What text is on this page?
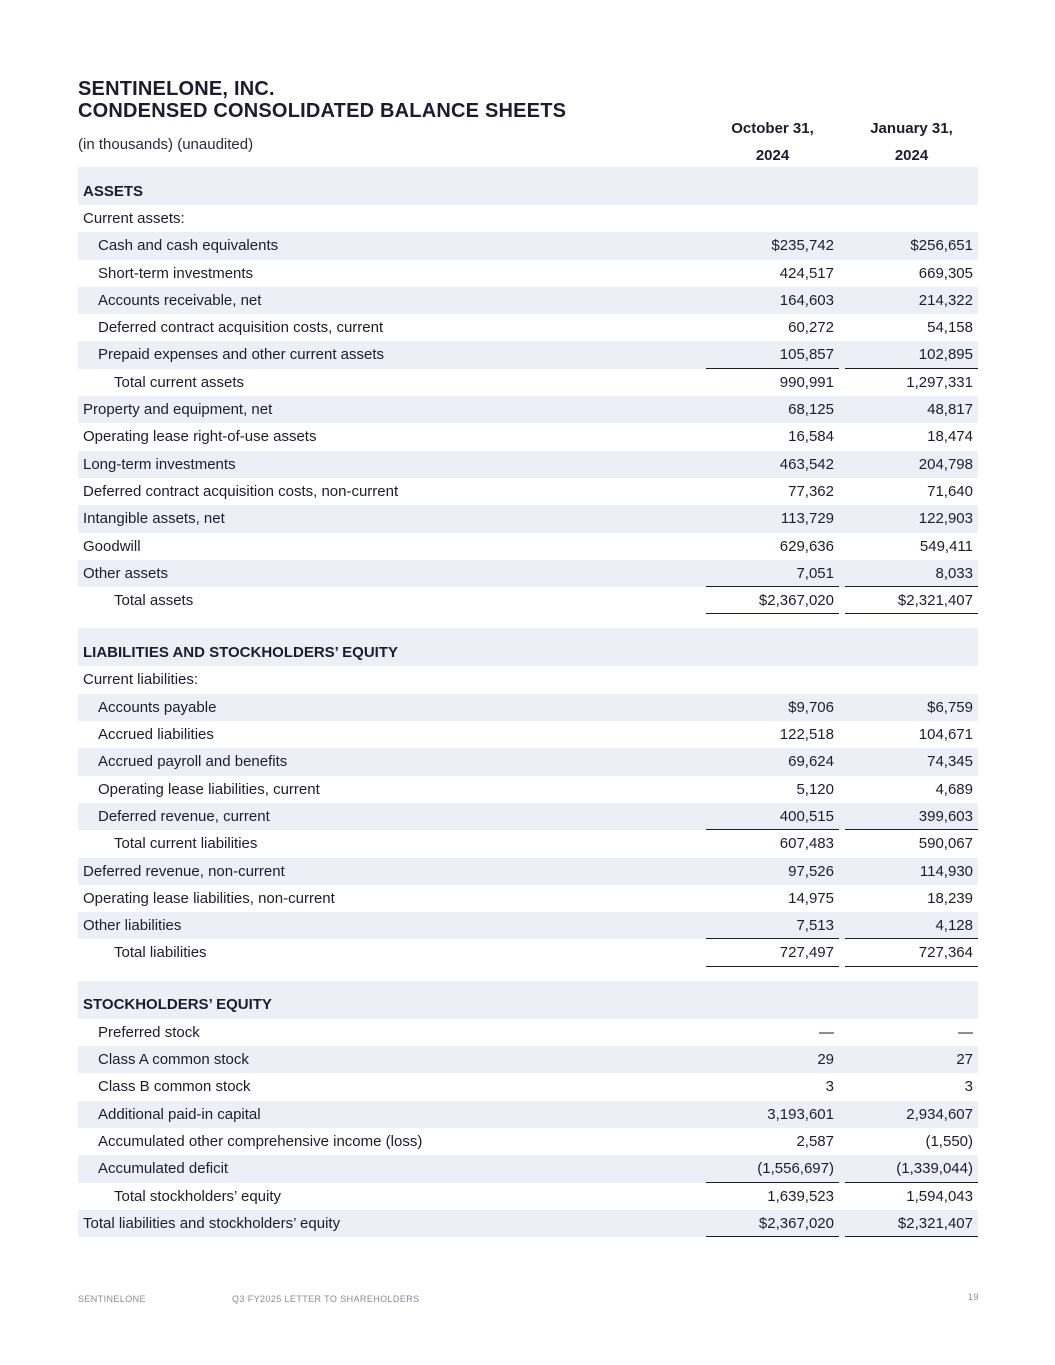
SENTINELONE, INC.
CONDENSED CONSOLIDATED BALANCE SHEETS
(in thousands) (unaudited)
October 31,
2024
January 31,
2024
ASSETS
Current assets:
Cash and cash equivalents	$235,742	$256,651
Short-term investments	424,517	669,305
Accounts receivable, net	164,603	214,322
Deferred contract acquisition costs, current	60,272	54,158
Prepaid expenses and other current assets	105,857	102,895
Total current assets	990,991	1,297,331
Property and equipment, net	68,125	48,817
Operating lease right-of-use assets	16,584	18,474
Long-term investments	463,542	204,798
Deferred contract acquisition costs, non-current	77,362	71,640
Intangible assets, net	113,729	122,903
Goodwill	629,636	549,411
Other assets	7,051	8,033
Total assets	$2,367,020	$2,321,407
LIABILITIES AND STOCKHOLDERS’ EQUITY
Current liabilities:
Accounts payable	$9,706	$6,759
Accrued liabilities	122,518	104,671
Accrued payroll and benefits	69,624	74,345
Operating lease liabilities, current	5,120	4,689
Deferred revenue, current	400,515	399,603
Total current liabilities	607,483	590,067
Deferred revenue, non-current	97,526	114,930
Operating lease liabilities, non-current	14,975	18,239
Other liabilities	7,513	4,128
Total liabilities	727,497	727,364
STOCKHOLDERS’ EQUITY
Preferred stock	—	—
Class A common stock	29	27
Class B common stock	3	3
Additional paid-in capital	3,193,601	2,934,607
Accumulated other comprehensive income (loss)	2,587	(1,550)
Accumulated deficit	(1,556,697)	(1,339,044)
Total stockholders’ equity	1,639,523	1,594,043
Total liabilities and stockholders’ equity	$2,367,020	$2,321,407
SENTINELONE	Q3 FY2025 LETTER TO SHAREHOLDERS	19
